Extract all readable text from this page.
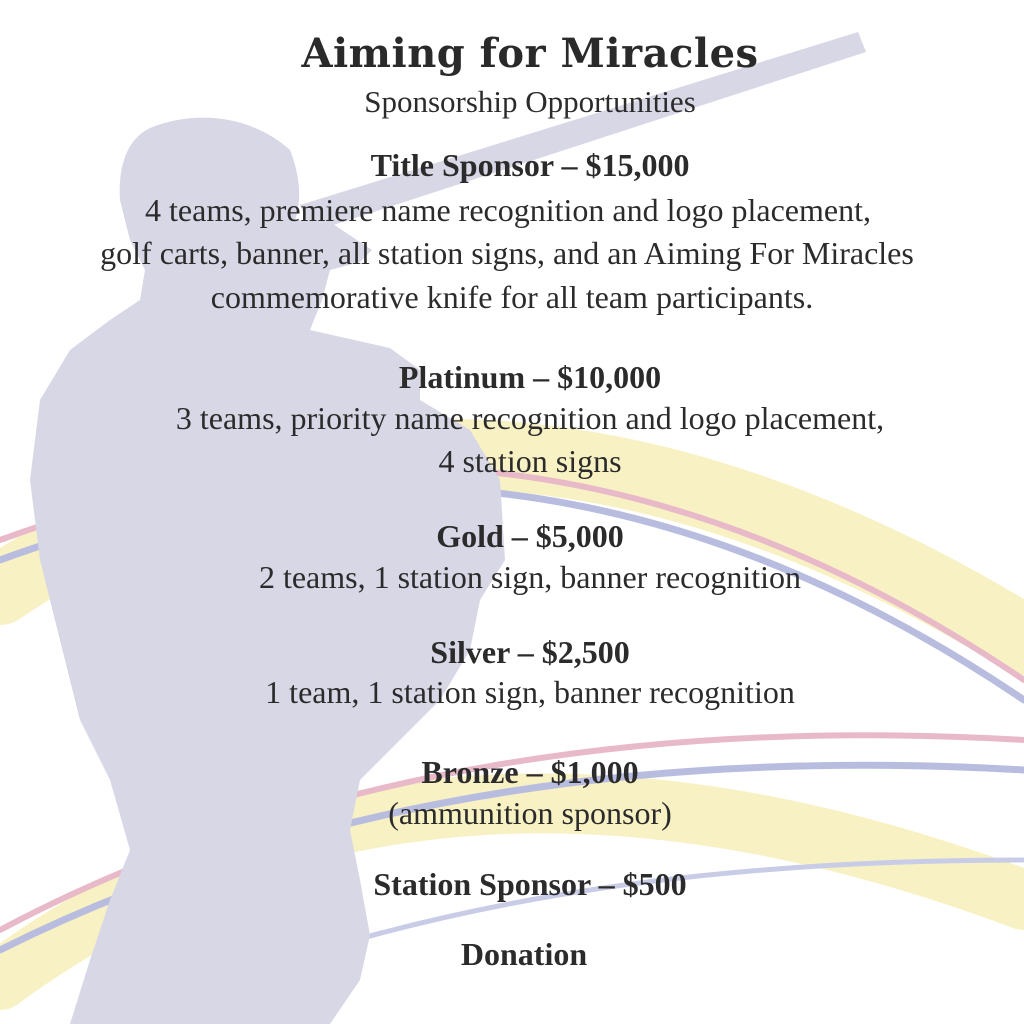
Aiming for Miracles
Sponsorship Opportunities
Title Sponsor – $15,000
4 teams, premiere name recognition and logo placement,
golf carts, banner, all station signs, and an Aiming For Miracles
commemorative knife for all team participants.
Platinum – $10,000
3 teams, priority name recognition and logo placement,
4 station signs
Gold – $5,000
2 teams, 1 station sign, banner recognition
Silver – $2,500
1 team, 1 station sign, banner recognition
Bronze – $1,000
(ammunition sponsor)
Station Sponsor – $500
Donation
